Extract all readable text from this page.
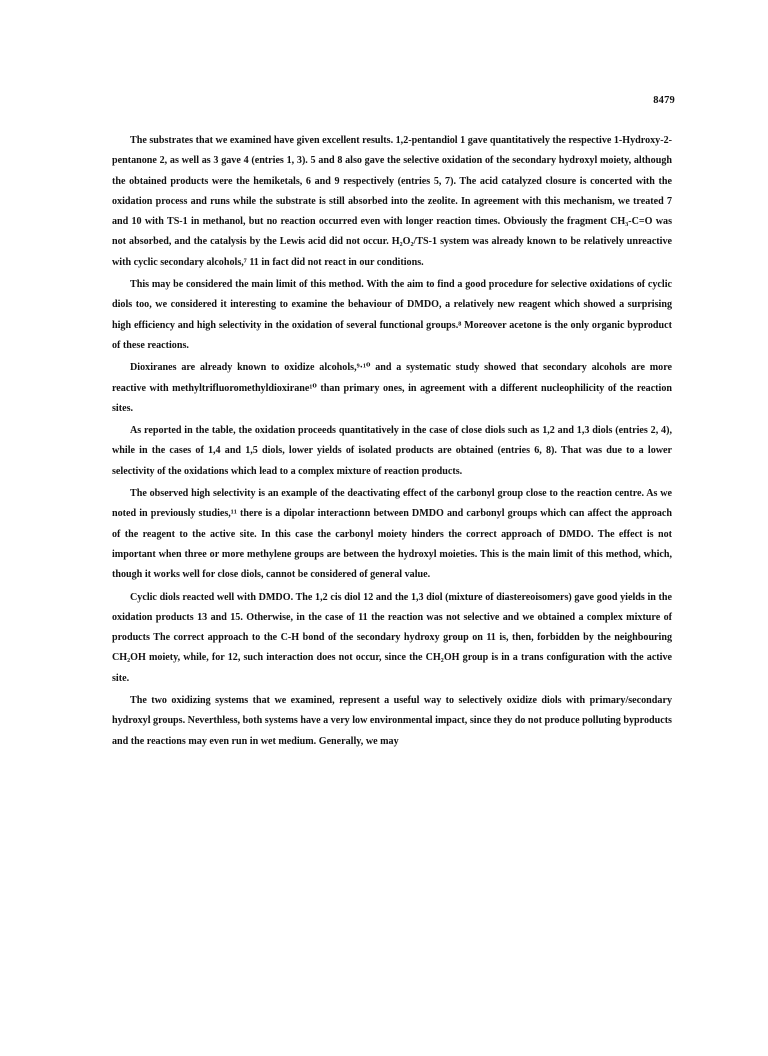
8479

The substrates that we examined have given excellent results. 1,2-pentandiol 1 gave quantitatively the respective 1-Hydroxy-2-pentanone 2, as well as 3 gave 4 (entries 1, 3). 5 and 8 also gave the selective oxidation of the secondary hydroxyl moiety, although the obtained products were the hemiketals, 6 and 9 respectively (entries 5, 7). The acid catalyzed closure is concerted with the oxidation process and runs while the substrate is still absorbed into the zeolite. In agreement with this mechanism, we treated 7 and 10 with TS-1 in methanol, but no reaction occurred even with longer reaction times. Obviously the fragment CH₃-C=O was not absorbed, and the catalysis by the Lewis acid did not occur. H₂O₂/TS-1 system was already known to be relatively unreactive with cyclic secondary alcohols,⁷ 11 in fact did not react in our conditions.

This may be considered the main limit of this method. With the aim to find a good procedure for selective oxidations of cyclic diols too, we considered it interesting to examine the behaviour of DMDO, a relatively new reagent which showed a surprising high efficiency and high selectivity in the oxidation of several functional groups.⁸ Moreover acetone is the only organic byproduct of these reactions.

Dioxiranes are already known to oxidize alcohols,⁹·¹⁰ and a systematic study showed that secondary alcohols are more reactive with methyltrifluoromethyldioxirane¹⁰ than primary ones, in agreement with a different nucleophilicity of the reaction sites.

As reported in the table, the oxidation proceeds quantitatively in the case of close diols such as 1,2 and 1,3 diols (entries 2, 4), while in the cases of 1,4 and 1,5 diols, lower yields of isolated products are obtained (entries 6, 8). That was due to a lower selectivity of the oxidations which lead to a complex mixture of reaction products.

The observed high selectivity is an example of the deactivating effect of the carbonyl group close to the reaction centre. As we noted in previously studies,¹¹ there is a dipolar interactionn between DMDO and carbonyl groups which can affect the approach of the reagent to the active site. In this case the carbonyl moiety hinders the correct approach of DMDO. The effect is not important when three or more methylene groups are between the hydroxyl moieties. This is the main limit of this method, which, though it works well for close diols, cannot be considered of general value.

Cyclic diols reacted well with DMDO. The 1,2 cis diol 12 and the 1,3 diol (mixture of diastereoisomers) gave good yields in the oxidation products 13 and 15. Otherwise, in the case of 11 the reaction was not selective and we obtained a complex mixture of products The correct approach to the C-H bond of the secondary hydroxy group on 11 is, then, forbidden by the neighbouring CH₂OH moiety, while, for 12, such interaction does not occur, since the CH₂OH group is in a trans configuration with the active site.

The two oxidizing systems that we examined, represent a useful way to selectively oxidize diols with primary/secondary hydroxyl groups. Neverthless, both systems have a very low environmental impact, since they do not produce polluting byproducts and the reactions may even run in wet medium. Generally, we may
